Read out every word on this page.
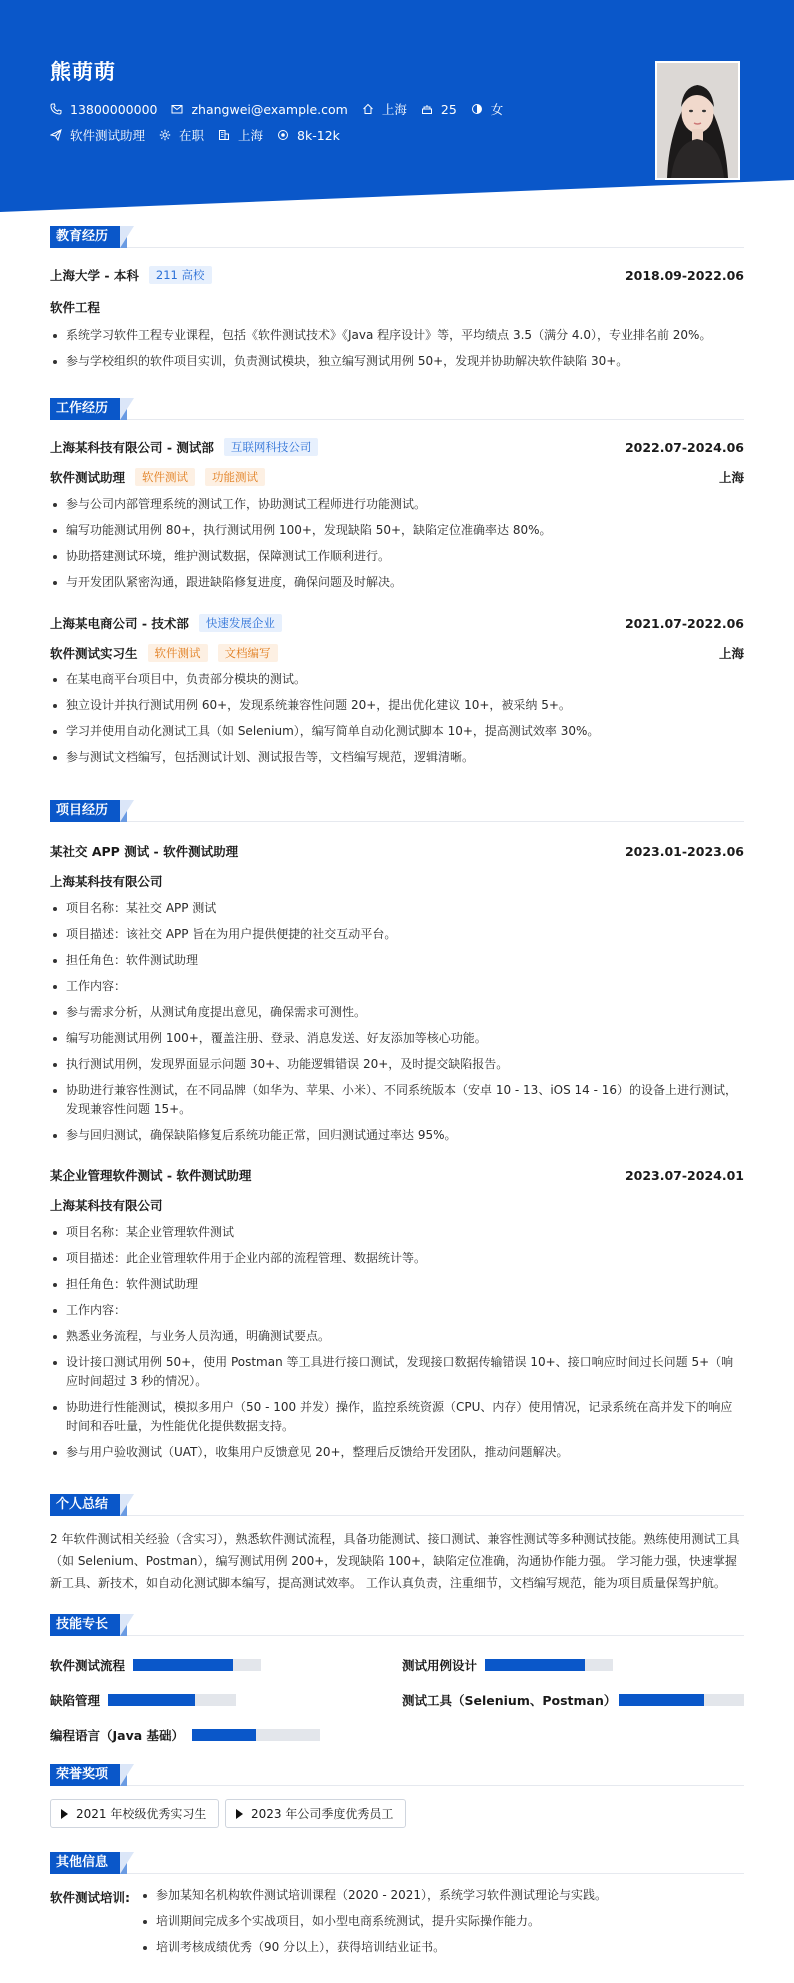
熊萌萌
13800000000	zhangwei@example.com	上海	25	女
软件测试助理	在职	上海	8k-12k
教育经历
上海大学 - 本科	211 高校	2018.09-2022.06
软件工程
系统学习软件工程专业课程，包括《软件测试技术》《Java 程序设计》等，平均绩点 3.5（满分 4.0），专业排名前 20%。
参与学校组织的软件项目实训，负责测试模块，独立编写测试用例 50+，发现并协助解决软件缺陷 30+。
工作经历
上海某科技有限公司 - 测试部	互联网科技公司	2022.07-2024.06
软件测试助理	软件测试	功能测试	上海
参与公司内部管理系统的测试工作，协助测试工程师进行功能测试。
编写功能测试用例 80+，执行测试用例 100+，发现缺陷 50+，缺陷定位准确率达 80%。
协助搭建测试环境，维护测试数据，保障测试工作顺利进行。
与开发团队紧密沟通，跟进缺陷修复进度，确保问题及时解决。
上海某电商公司 - 技术部	快速发展企业	2021.07-2022.06
软件测试实习生	软件测试	文档编写	上海
在某电商平台项目中，负责部分模块的测试。
独立设计并执行测试用例 60+，发现系统兼容性问题 20+，提出优化建议 10+，被采纳 5+。
学习并使用自动化测试工具（如 Selenium），编写简单自动化测试脚本 10+，提高测试效率 30%。
参与测试文档编写，包括测试计划、测试报告等，文档编写规范，逻辑清晰。
项目经历
某社交 APP 测试 - 软件测试助理	2023.01-2023.06
上海某科技有限公司
项目名称：某社交 APP 测试
项目描述：该社交 APP 旨在为用户提供便捷的社交互动平台。
担任角色：软件测试助理
工作内容：
参与需求分析，从测试角度提出意见，确保需求可测性。
编写功能测试用例 100+，覆盖注册、登录、消息发送、好友添加等核心功能。
执行测试用例，发现界面显示问题 30+、功能逻辑错误 20+，及时提交缺陷报告。
协助进行兼容性测试，在不同品牌（如华为、苹果、小米）、不同系统版本（安卓 10 - 13、iOS 14 - 16）的设备上进行测试，发现兼容性问题 15+。
参与回归测试，确保缺陷修复后系统功能正常，回归测试通过率达 95%。
某企业管理软件测试 - 软件测试助理	2023.07-2024.01
上海某科技有限公司
项目名称：某企业管理软件测试
项目描述：此企业管理软件用于企业内部的流程管理、数据统计等。
担任角色：软件测试助理
工作内容：
熟悉业务流程，与业务人员沟通，明确测试要点。
设计接口测试用例 50+，使用 Postman 等工具进行接口测试，发现接口数据传输错误 10+、接口响应时间过长问题 5+（响应时间超过 3 秒的情况）。
协助进行性能测试，模拟多用户（50 - 100 并发）操作，监控系统资源（CPU、内存）使用情况，记录系统在高并发下的响应时间和吞吐量，为性能优化提供数据支持。
参与用户验收测试（UAT），收集用户反馈意见 20+，整理后反馈给开发团队，推动问题解决。
个人总结
2 年软件测试相关经验（含实习），熟悉软件测试流程，具备功能测试、接口测试、兼容性测试等多种测试技能。熟练使用测试工具（如 Selenium、Postman），编写测试用例 200+，发现缺陷 100+，缺陷定位准确，沟通协作能力强。 学习能力强，快速掌握新工具、新技术，如自动化测试脚本编写，提高测试效率。 工作认真负责，注重细节，文档编写规范，能为项目质量保驾护航。
技能专长
软件测试流程	测试用例设计
缺陷管理	测试工具（Selenium、Postman）
编程语言（Java 基础）
荣誉奖项
2021 年校级优秀实习生	2023 年公司季度优秀员工
其他信息
软件测试培训:	参加某知名机构软件测试培训课程（2020 - 2021），系统学习软件测试理论与实践。
培训期间完成多个实战项目，如小型电商系统测试，提升实际操作能力。
培训考核成绩优秀（90 分以上），获得培训结业证书。
